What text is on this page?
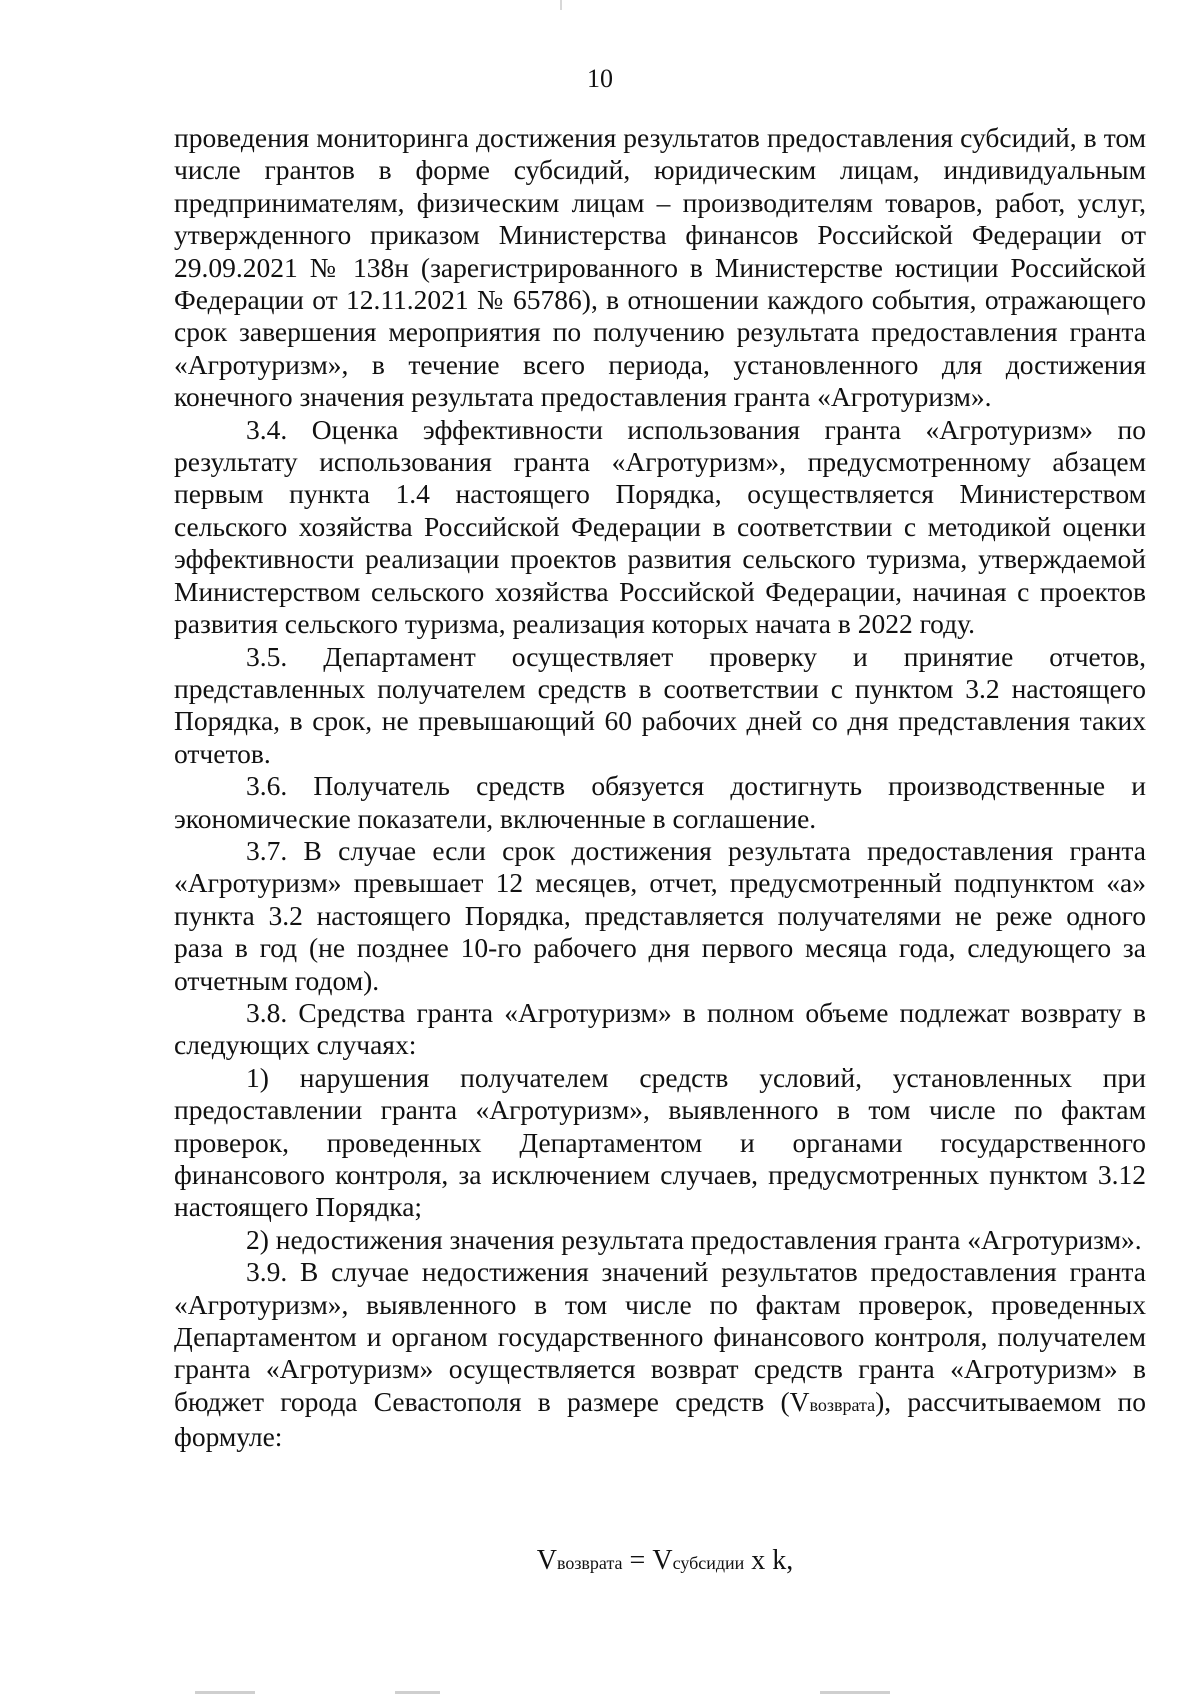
10

проведения мониторинга достижения результатов предоставления субсидий, в том числе грантов в форме субсидий, юридическим лицам, индивидуальным предпринимателям, физическим лицам – производителям товаров, работ, услуг, утвержденного приказом Министерства финансов Российской Федерации от 29.09.2021 № 138н (зарегистрированного в Министерстве юстиции Российской Федерации от 12.11.2021 № 65786), в отношении каждого события, отражающего срок завершения мероприятия по получению результата предоставления гранта «Агротуризм», в течение всего периода, установленного для достижения конечного значения результата предоставления гранта «Агротуризм».

3.4. Оценка эффективности использования гранта «Агротуризм» по результату использования гранта «Агротуризм», предусмотренному абзацем первым пункта 1.4 настоящего Порядка, осуществляется Министерством сельского хозяйства Российской Федерации в соответствии с методикой оценки эффективности реализации проектов развития сельского туризма, утверждаемой Министерством сельского хозяйства Российской Федерации, начиная с проектов развития сельского туризма, реализация которых начата в 2022 году.

3.5. Департамент осуществляет проверку и принятие отчетов, представленных получателем средств в соответствии с пунктом 3.2 настоящего Порядка, в срок, не превышающий 60 рабочих дней со дня представления таких отчетов.

3.6. Получатель средств обязуется достигнуть производственные и экономические показатели, включенные в соглашение.

3.7. В случае если срок достижения результата предоставления гранта «Агротуризм» превышает 12 месяцев, отчет, предусмотренный подпунктом «а» пункта 3.2 настоящего Порядка, представляется получателями не реже одного раза в год (не позднее 10-го рабочего дня первого месяца года, следующего за отчетным годом).

3.8. Средства гранта «Агротуризм» в полном объеме подлежат возврату в следующих случаях:

1) нарушения получателем средств условий, установленных при предоставлении гранта «Агротуризм», выявленного в том числе по фактам проверок, проведенных Департаментом и органами государственного финансового контроля, за исключением случаев, предусмотренных пунктом 3.12 настоящего Порядка;

2) недостижения значения результата предоставления гранта «Агротуризм».

3.9. В случае недостижения значений результатов предоставления гранта «Агротуризм», выявленного в том числе по фактам проверок, проведенных Департаментом и органом государственного финансового контроля, получателем гранта «Агротуризм» осуществляется возврат средств гранта «Агротуризм» в бюджет города Севастополя в размере средств (Vвозврата), рассчитываемом по формуле:

Vвозврата = Vсубсидии x k,
